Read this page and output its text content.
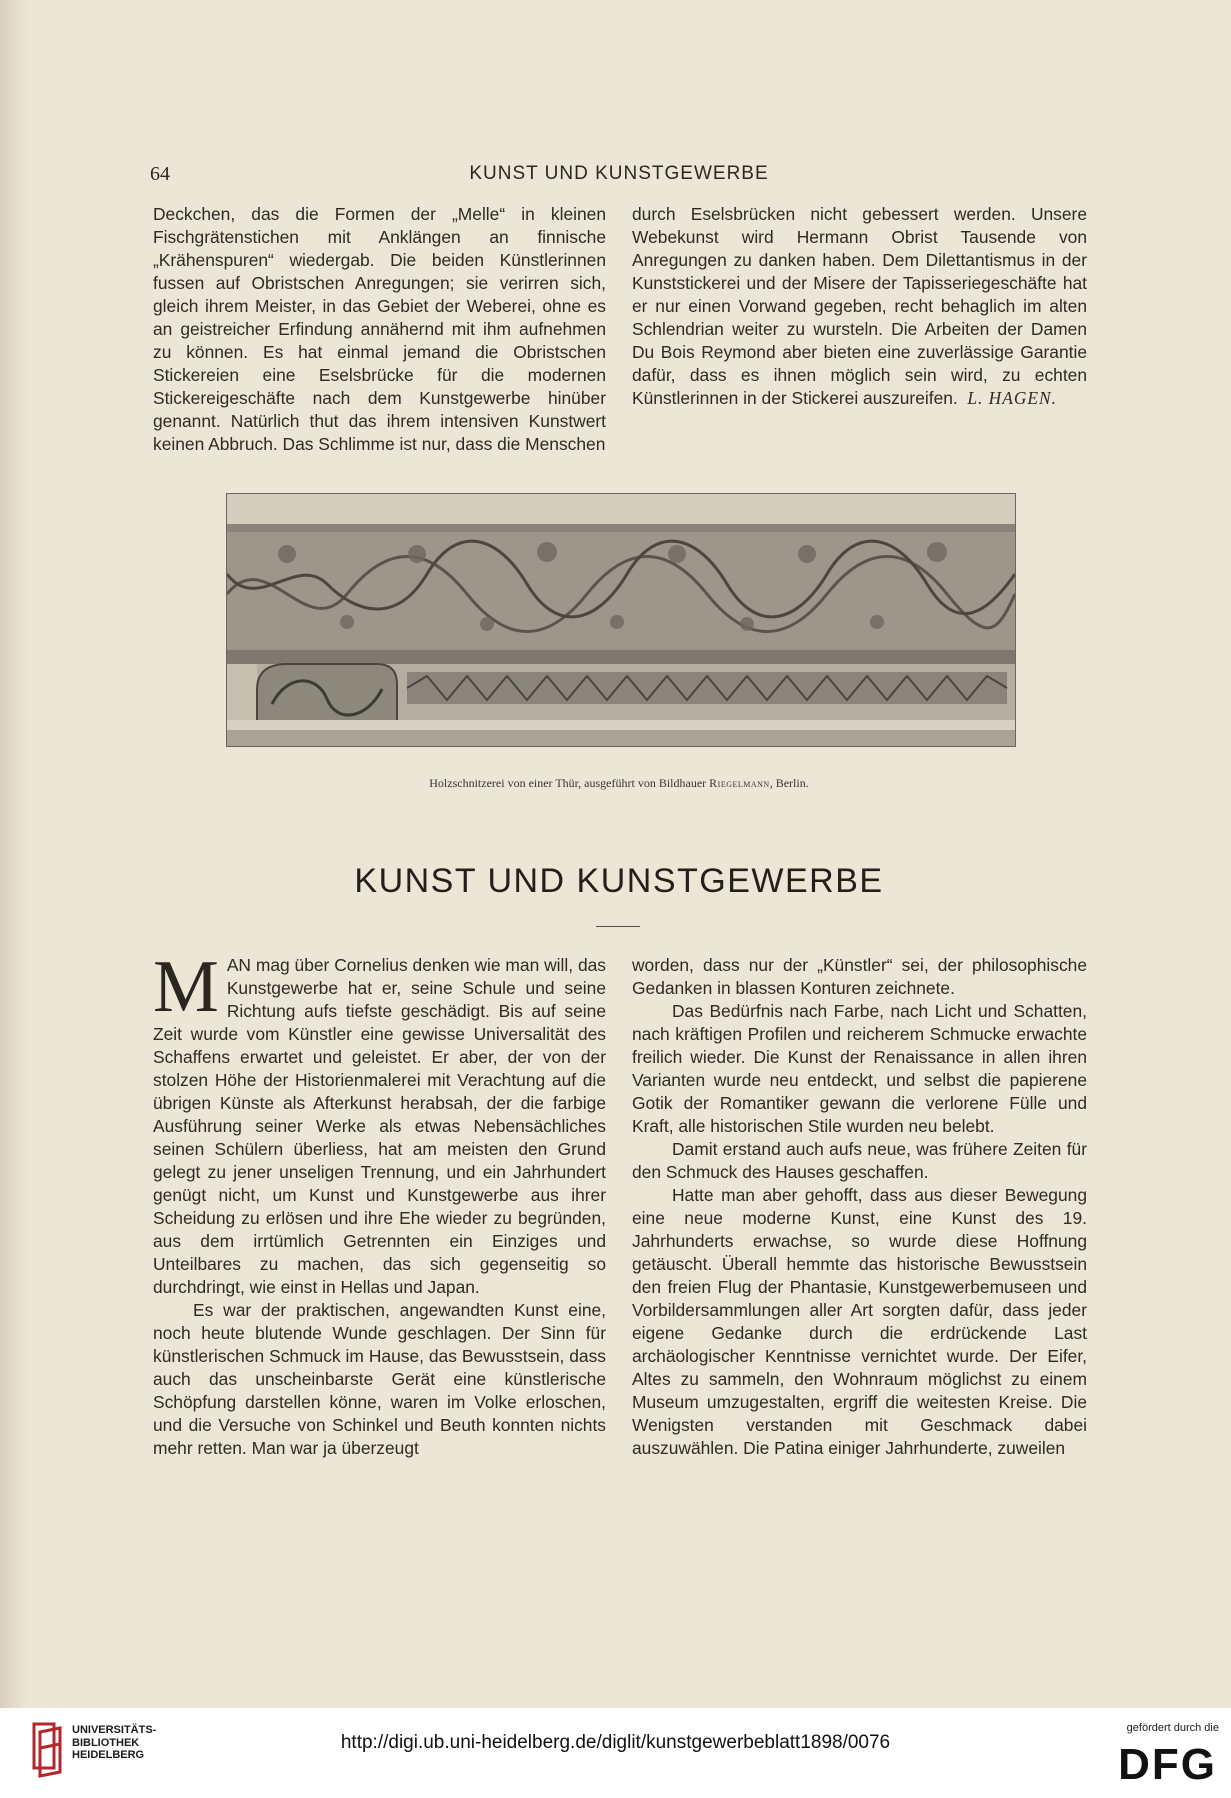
64	KUNST UND KUNSTGEWERBE

Deckchen, das die Formen der „Melle“ in kleinen Fischgrätenstichen mit Anklängen an finnische „Krähenspuren“ wiedergab. Die beiden Künstlerinnen fussen auf Obristschen Anregungen; sie verirren sich, gleich ihrem Meister, in das Gebiet der Weberei, ohne es an geistreicher Erfindung annähernd mit ihm aufnehmen zu können. Es hat einmal jemand die Obristschen Stickereien eine Eselsbrücke für die modernen Stickereigeschäfte nach dem Kunstgewerbe hinüber genannt. Natürlich thut das ihrem intensiven Kunstwert keinen Abbruch. Das Schlimme ist nur, dass die Menschen

durch Eselsbrücken nicht gebessert werden. Unsere Webekunst wird Hermann Obrist Tausende von Anregungen zu danken haben. Dem Dilettantismus in der Kunststickerei und der Misere der Tapisseriegeschäfte hat er nur einen Vorwand gegeben, recht behaglich im alten Schlendrian weiter zu wursteln. Die Arbeiten der Damen Du Bois Reymond aber bieten eine zuverlässige Garantie dafür, dass es ihnen möglich sein wird, zu echten Künstlerinnen in der Stickerei auszureifen. L. HAGEN.

Holzschnitzerei von einer Thür, ausgeführt von Bildhauer Riegelmann, Berlin.
KUNST UND KUNSTGEWERBE

M AN mag über Cornelius denken wie man will, das Kunstgewerbe hat er, seine Schule und seine Richtung aufs tiefste geschädigt. Bis auf seine Zeit wurde vom Künstler eine gewisse Universalität des Schaffens erwartet und geleistet. Er aber, der von der stolzen Höhe der Historienmalerei mit Verachtung auf die übrigen Künste als Afterkunst herabsah, der die farbige Ausführung seiner Werke als etwas Nebensächliches seinen Schülern überliess, hat am meisten den Grund gelegt zu jener unseligen Trennung, und ein Jahrhundert genügt nicht, um Kunst und Kunstgewerbe aus ihrer Scheidung zu erlösen und ihre Ehe wieder zu begründen, aus dem irrtümlich Getrennten ein Einziges und Unteilbares zu machen, das sich gegenseitig so durchdringt, wie einst in Hellas und Japan.

Es war der praktischen, angewandten Kunst eine, noch heute blutende Wunde geschlagen. Der Sinn für künstlerischen Schmuck im Hause, das Bewusstsein, dass auch das unscheinbarste Gerät eine künstlerische Schöpfung darstellen könne, waren im Volke erloschen, und die Versuche von Schinkel und Beuth konnten nichts mehr retten. Man war ja überzeugt

worden, dass nur der „Künstler“ sei, der philosophische Gedanken in blassen Konturen zeichnete.

Das Bedürfnis nach Farbe, nach Licht und Schatten, nach kräftigen Profilen und reicherem Schmucke erwachte freilich wieder. Die Kunst der Renaissance in allen ihren Varianten wurde neu entdeckt, und selbst die papierene Gotik der Romantiker gewann die verlorene Fülle und Kraft, alle historischen Stile wurden neu belebt.

Damit erstand auch aufs neue, was frühere Zeiten für den Schmuck des Hauses geschaffen.

Hatte man aber gehofft, dass aus dieser Bewegung eine neue moderne Kunst, eine Kunst des 19. Jahrhunderts erwachse, so wurde diese Hoffnung getäuscht. Überall hemmte das historische Bewusstsein den freien Flug der Phantasie, Kunstgewerbemuseen und Vorbildersammlungen aller Art sorgten dafür, dass jeder eigene Gedanke durch die erdrückende Last archäologischer Kenntnisse vernichtet wurde. Der Eifer, Altes zu sammeln, den Wohnraum möglichst zu einem Museum umzugestalten, ergriff die weitesten Kreise. Die Wenigsten verstanden mit Geschmack dabei auszuwählen. Die Patina einiger Jahrhunderte, zuweilen

UNIVERSITÄTS-
BIBLIOTHEK
HEIDELBERG
http://digi.ub.uni-heidelberg.de/diglit/kunstgewerbeblatt1898/0076
gefördert durch die
DFG
